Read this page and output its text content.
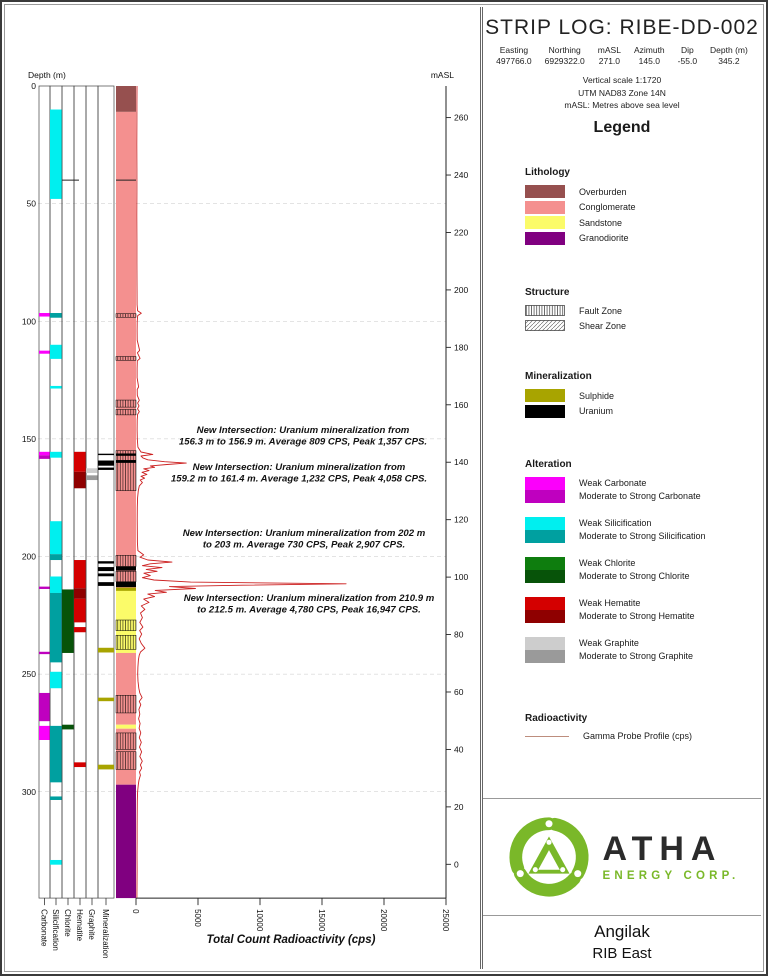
Carbonate Silicification Chlorite Hematite Graphite Mineralization
Depth (m)
0
50
100
150
200
250
300
mASL
260
240
220
200
180
160
140
120
100
80
60
40
20
0
0	5000	10000	15000	20000	25000
Total Count Radioactivity (cps)
New Intersection: Uranium mineralization from 156.3 m to 156.9 m. Average 809 CPS, Peak 1,357 CPS.
New Intersection: Uranium mineralization from 159.2 m to 161.4 m. Average 1,232 CPS, Peak 4,058 CPS.
New Intersection: Uranium mineralization from 202 m to 203 m. Average 730 CPS, Peak 2,907 CPS.
New Intersection: Uranium mineralization from 210.9 m to 212.5 m. Average 4,780 CPS, Peak 16,947 CPS.
STRIP LOG: RIBE-DD-002
Easting
497766.0
Northing
6929322.0
mASL
271.0
Azimuth
145.0
Dip
-55.0
Depth (m)
345.2
Vertical scale 1:1720
UTM NAD83 Zone 14N
mASL: Metres above sea level
Legend
Lithology
Overburden
Conglomerate
Sandstone
Granodiorite
Structure
Fault Zone
Shear Zone
Mineralization
Sulphide
Uranium
Alteration
Weak Carbonate
Moderate to Strong Carbonate
Weak Silicification
Moderate to Strong Silicification
Weak Chlorite
Moderate to Strong Chlorite
Weak Hematite
Moderate to Strong Hematite
Weak Graphite
Moderate to Strong Graphite
Radioactivity
Gamma Probe Profile (cps)
ATHA
ENERGY CORP.
Angilak
RIB East
